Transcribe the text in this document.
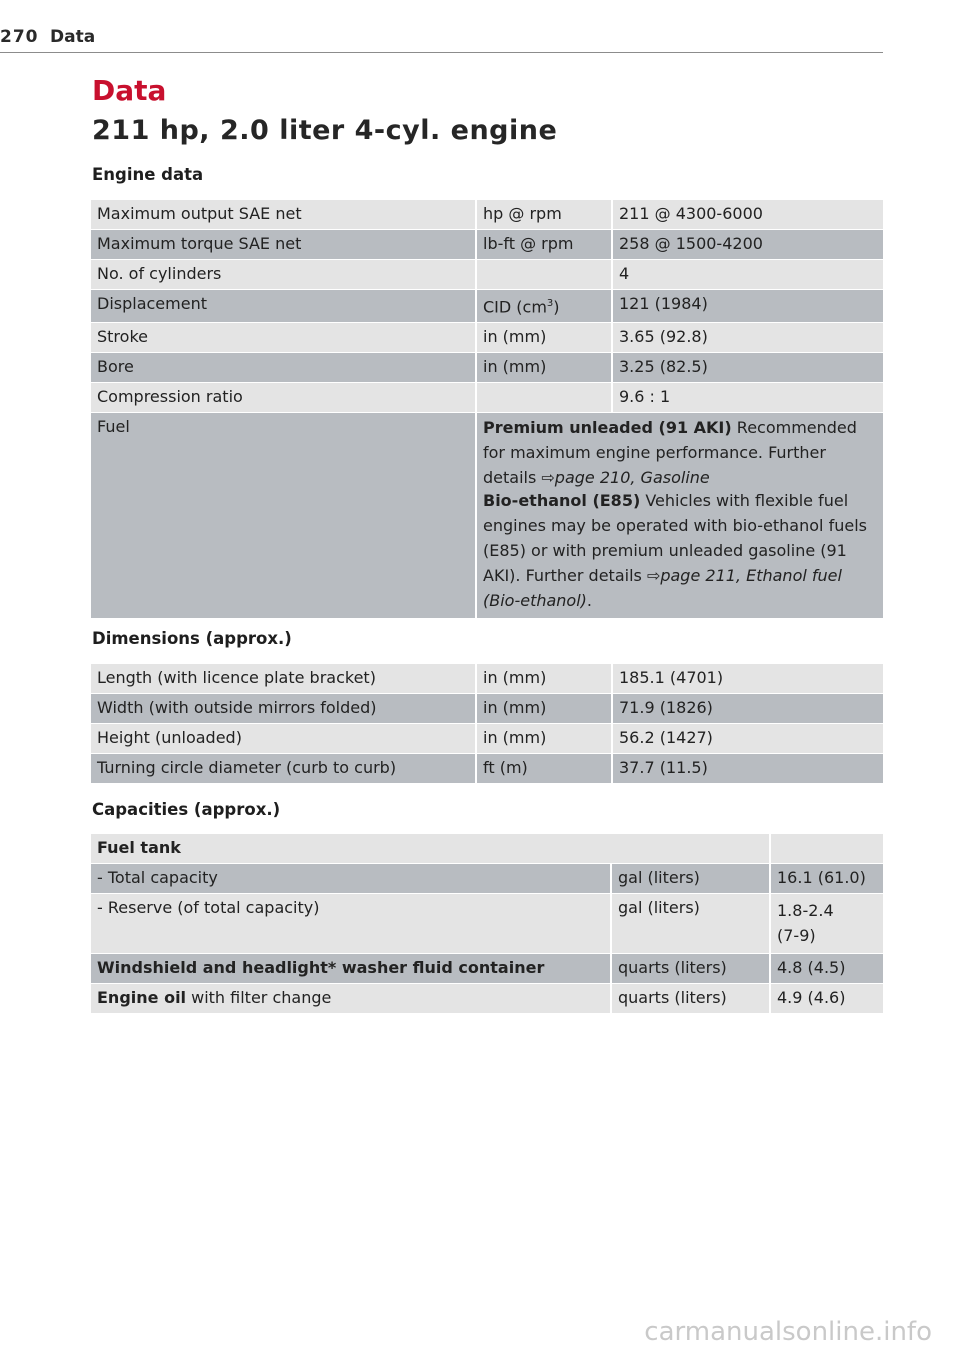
270 Data
Data
211 hp, 2.0 liter 4-cyl. engine
Engine data
Maximum output SAE net	hp @ rpm	211 @ 4300-6000
Maximum torque SAE net	lb-ft @ rpm	258 @ 1500-4200
No. of cylinders		4
Displacement	CID $(cm^3)$	121 (1984)
Stroke	in (mm)	3.65 (92.8)
Bore	in (mm)	3.25 (82.5)
Compression ratio		9.6 : 1
Fuel	Premium unleaded (91 AKI) Recommended for maximum engine performance. Further details ⇨page 210, Gasoline
Bio-ethanol (E85) Vehicles with flexible fuel engines may be operated with bio-ethanol fuels (E85) or with premium unleaded gasoline (91 AKI). Further details ⇨page 211, Ethanol fuel (Bio-ethanol).	
Dimensions (approx.)
Length (with licence plate bracket)	in (mm)	185.1 (4701)
Width (with outside mirrors folded)	in (mm)	71.9 (1826)
Height (unloaded)	in (mm)	56.2 (1427)
Turning circle diameter (curb to curb)	ft (m)	37.7 (11.5)
Capacities (approx.)
Fuel tank		
- Total capacity	gal (liters)	16.1 (61.0)
- Reserve (of total capacity)	gal (liters)	1.8-2.4
(7-9)

Windshield and headlight* washer fluid container	quarts (liters)	4.8 (4.5)
Engine oil with filter change	quarts (liters)	4.9 (4.6)
carmanualsonline.info
